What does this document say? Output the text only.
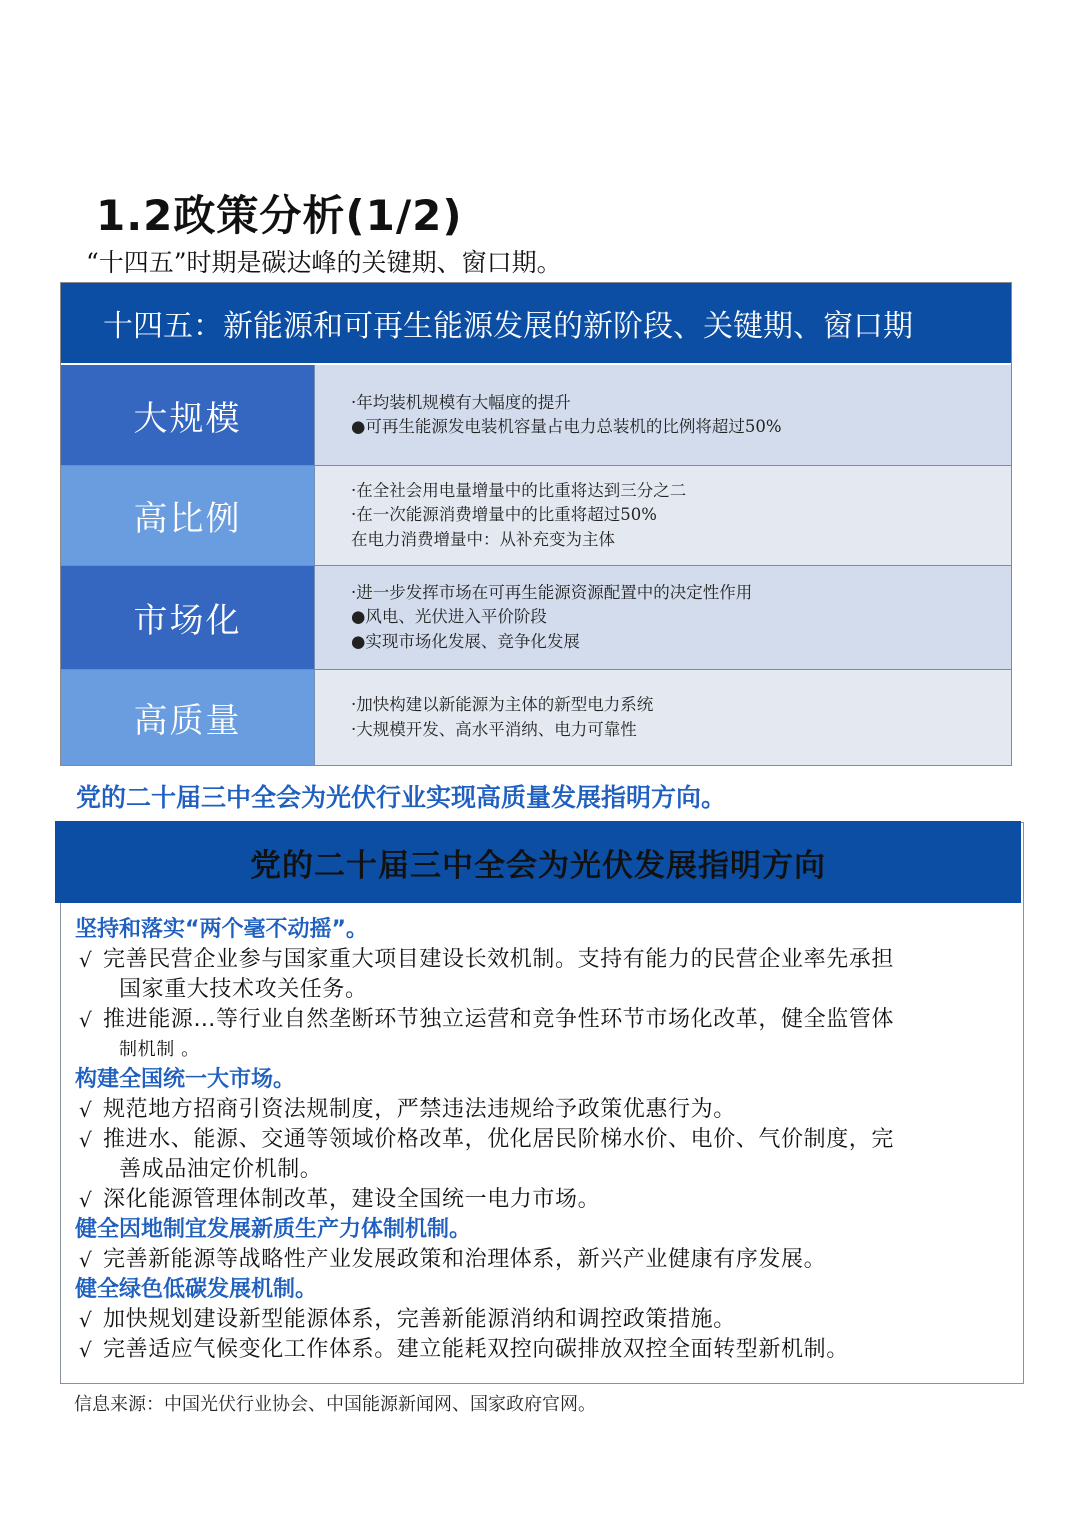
1.2政策分析(1/2)

“十四五”时期是碳达峰的关键期、窗口期。

十四五：新能源和可再生能源发展的新阶段、关键期、窗口期
大规模	·年均装机规模有大幅度的提升
●可再生能源发电装机容量占电力总装机的比例将超过50%
高比例
·在全社会用电量增量中的比重将达到三分之二
·在一次能源消费增量中的比重将超过50%
在电力消费增量中：从补充变为主体
市场化
·进一步发挥市场在可再生能源资源配置中的决定性作用
●风电、光伏进入平价阶段
●实现市场化发展、竞争化发展
高质量	·加快构建以新能源为主体的新型电力系统
·大规模开发、高水平消纳、电力可靠性

党的二十届三中全会为光伏行业实现高质量发展指明方向。

党的二十届三中全会为光伏发展指明方向
坚持和落实“两个毫不动摇”。
√ 完善民营企业参与国家重大项目建设长效机制。支持有能力的民营企业率先承担
国家重大技术攻关任务。
√ 推进能源…等行业自然垄断环节独立运营和竞争性环节市场化改革，健全监管体
制机制 。
构建全国统一大市场。
√ 规范地方招商引资法规制度，严禁违法违规给予政策优惠行为。
√ 推进水、能源、交通等领域价格改革，优化居民阶梯水价、电价、气价制度，完
善成品油定价机制。
√ 深化能源管理体制改革，建设全国统一电力市场。
健全因地制宜发展新质生产力体制机制。
√ 完善新能源等战略性产业发展政策和治理体系，新兴产业健康有序发展。
健全绿色低碳发展机制。
√ 加快规划建设新型能源体系，完善新能源消纳和调控政策措施。
√ 完善适应气候变化工作体系。建立能耗双控向碳排放双控全面转型新机制。

信息来源：中国光伏行业协会、中国能源新闻网、国家政府官网。
